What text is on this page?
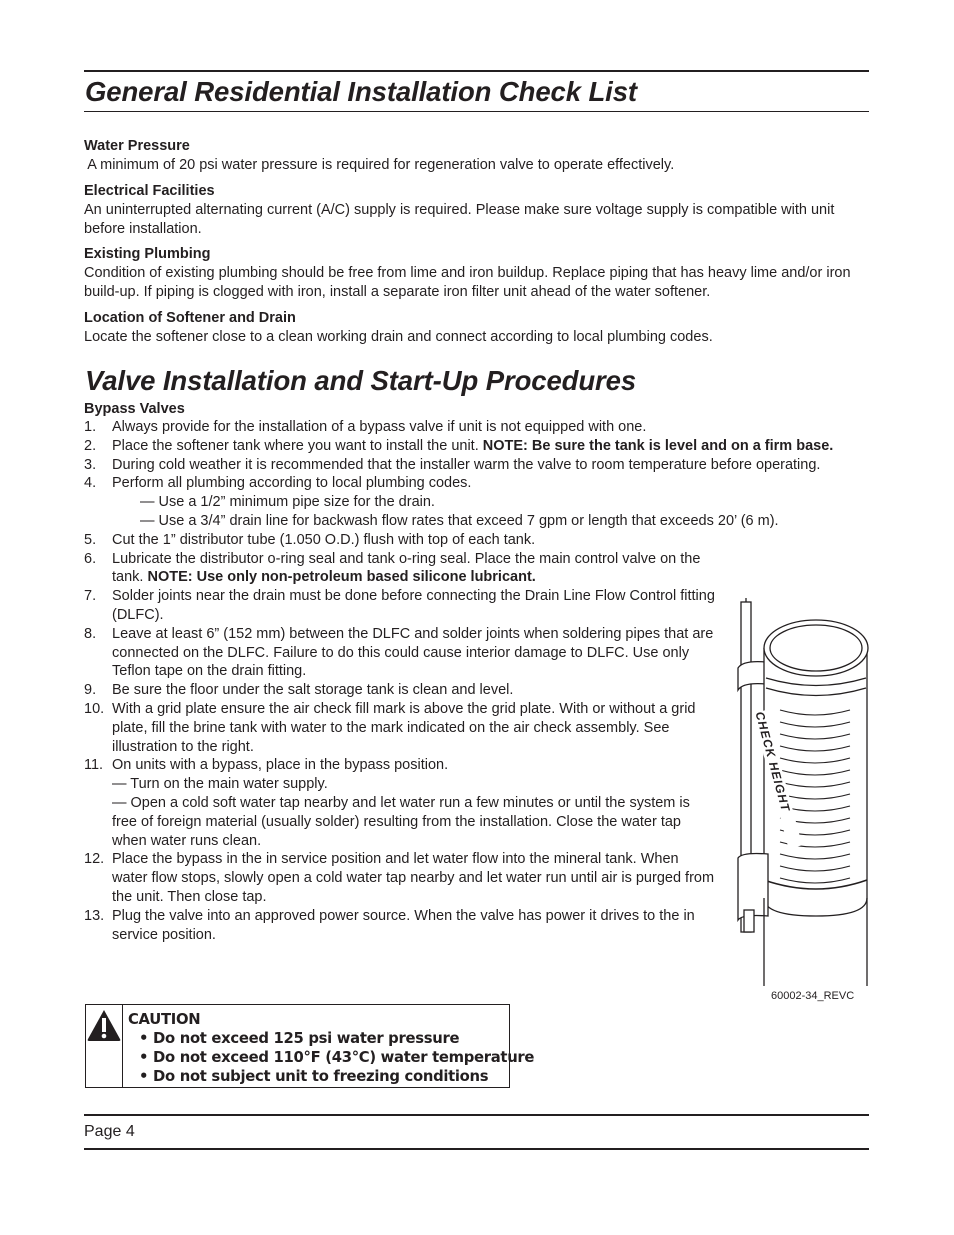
General Residential Installation Check List
Water Pressure

A minimum of 20 psi water pressure is required for regeneration valve to operate effectively.

Electrical Facilities

An uninterrupted alternating current (A/C) supply is required. Please make sure voltage supply is compatible with unit before installation.

Existing Plumbing

Condition of existing plumbing should be free from lime and iron buildup. Replace piping that has heavy lime and/or iron build-up. If piping is clogged with iron, install a separate iron filter unit ahead of the water softener.

Location of Softener and Drain

Locate the softener close to a clean working drain and connect according to local plumbing codes.

Valve Installation and Start-Up Procedures
Bypass Valves
1. Always provide for the installation of a bypass valve if unit is not equipped with one.
2. Place the softener tank where you want to install the unit. NOTE: Be sure the tank is level and on a firm base.
3. During cold weather it is recommended that the installer warm the valve to room temperature before operating.
4. Perform all plumbing according to local plumbing codes.
— Use a 1/2” minimum pipe size for the drain.
— Use a 3/4” drain line for backwash flow rates that exceed 7 gpm or length that exceeds 20’ (6 m).
5. Cut the 1” distributor tube (1.050 O.D.) flush with top of each tank.
6. Lubricate the distributor o-ring seal and tank o-ring seal. Place the main control valve on the tank. NOTE: Use only non-petroleum based silicone lubricant.
7. Solder joints near the drain must be done before connecting the Drain Line Flow Control fitting (DLFC).
8. Leave at least 6” (152 mm) between the DLFC and solder joints when soldering pipes that are connected on the DLFC. Failure to do this could cause interior damage to DLFC. Use only Teflon tape on the drain fitting.
9. Be sure the floor under the salt storage tank is clean and level.
10. With a grid plate ensure the air check fill mark is above the grid plate. With or without a grid plate, fill the brine tank with water to the mark indicated on the air check assembly. See illustration to the right.
11. On units with a bypass, place in the bypass position.
— Turn on the main water supply.
— Open a cold soft water tap nearby and let water run a few minutes or until the system is free of foreign material (usually solder) resulting from the installation. Close the water tap when water runs clean.
12. Place the bypass in the in service position and let water flow into the mineral tank. When water flow stops, slowly open a cold water tap nearby and let water run until air is purged from the unit. Then close tap.
13. Plug the valve into an approved power source. When the valve has power it drives to the in service position.
CHECK HEIGHT
60002-34_REVC
CAUTION
• Do not exceed 125 psi water pressure
• Do not exceed 110°F (43°C) water temperature
• Do not subject unit to freezing conditions
Page 4
